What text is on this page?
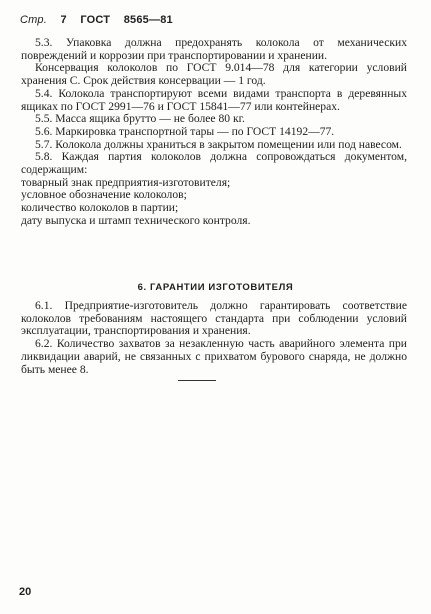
Стр. 7 ГОСТ 8565—81

5.3. Упаковка должна предохранять колокола от механических повреждений и коррозии при транспортировании и хранении.

Консервация колоколов по ГОСТ 9.014—78 для категории условий хранения С. Срок действия консервации — 1 год.

5.4. Колокола транспортируют всеми видами транспорта в деревянных ящиках по ГОСТ 2991—76 и ГОСТ 15841—77 или контейнерах.

5.5. Масса ящика брутто — не более 80 кг.

5.6. Маркировка транспортной тары — по ГОСТ 14192—77.

5.7. Колокола должны храниться в закрытом помещении или под навесом.

5.8. Каждая партия колоколов должна сопровождаться документом, содержащим:

товарный знак предприятия-изготовителя;

условное обозначение колоколов;

количество колоколов в партии;

дату выпуска и штамп технического контроля.

6. ГАРАНТИИ ИЗГОТОВИТЕЛЯ

6.1. Предприятие-изготовитель должно гарантировать соответствие колоколов требованиям настоящего стандарта при соблюдении условий эксплуатации, транспортирования и хранения.

6.2. Количество захватов за незакленную часть аварийного элемента при ликвидации аварий, не связанных с прихватом бурового снаряда, не должно быть менее 8.

20
